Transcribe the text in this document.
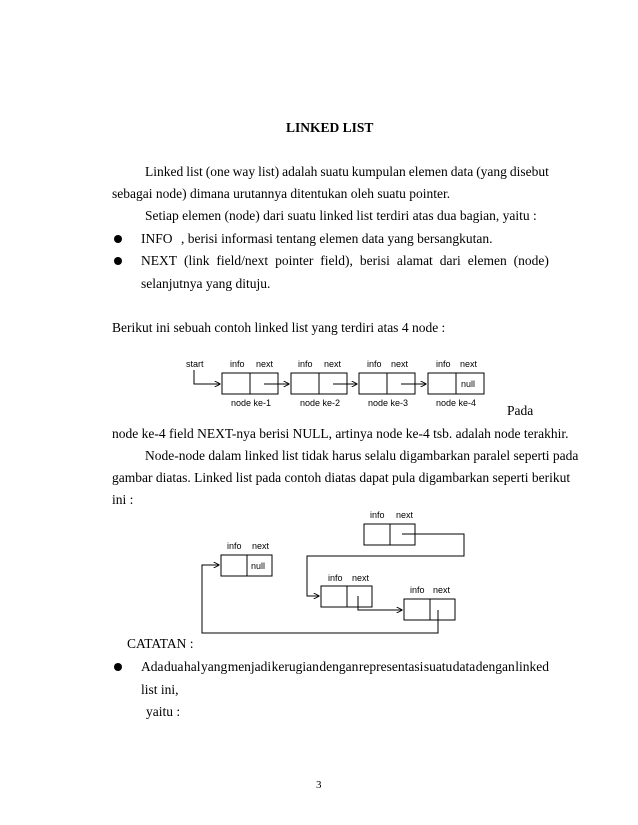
LINKED LIST
Linked list (one way list) adalah suatu kumpulan elemen data (yang disebut
sebagai node) dimana urutannya ditentukan oleh suatu pointer.
Setiap elemen (node) dari suatu linked list terdiri atas dua bagian, yaitu :
INFO , berisi informasi tentang elemen data yang bersangkutan.
NEXT (link field/next pointer field), berisi alamat dari elemen (node)
selanjutnya yang dituju.
Berikut ini sebuah contoh linked list yang terdiri atas 4 node :
start	info next
node ke-1
info next
node ke-2
info next
node ke-3
info next
null
node ke-4 Pada
node ke-4 field NEXT-nya berisi NULL, artinya node ke-4 tsb. adalah node terakhir.
Node-node dalam linked list tidak harus selalu digambarkan paralel seperti pada
gambar diatas. Linked list pada contoh diatas dapat pula digambarkan seperti berikut
ini :
info next
info next
null
info next
info next
CATATAN :
Ada dua hal yang menjadi kerugian dengan representasi suatu data dengan linked
list ini,
yaitu :
3
